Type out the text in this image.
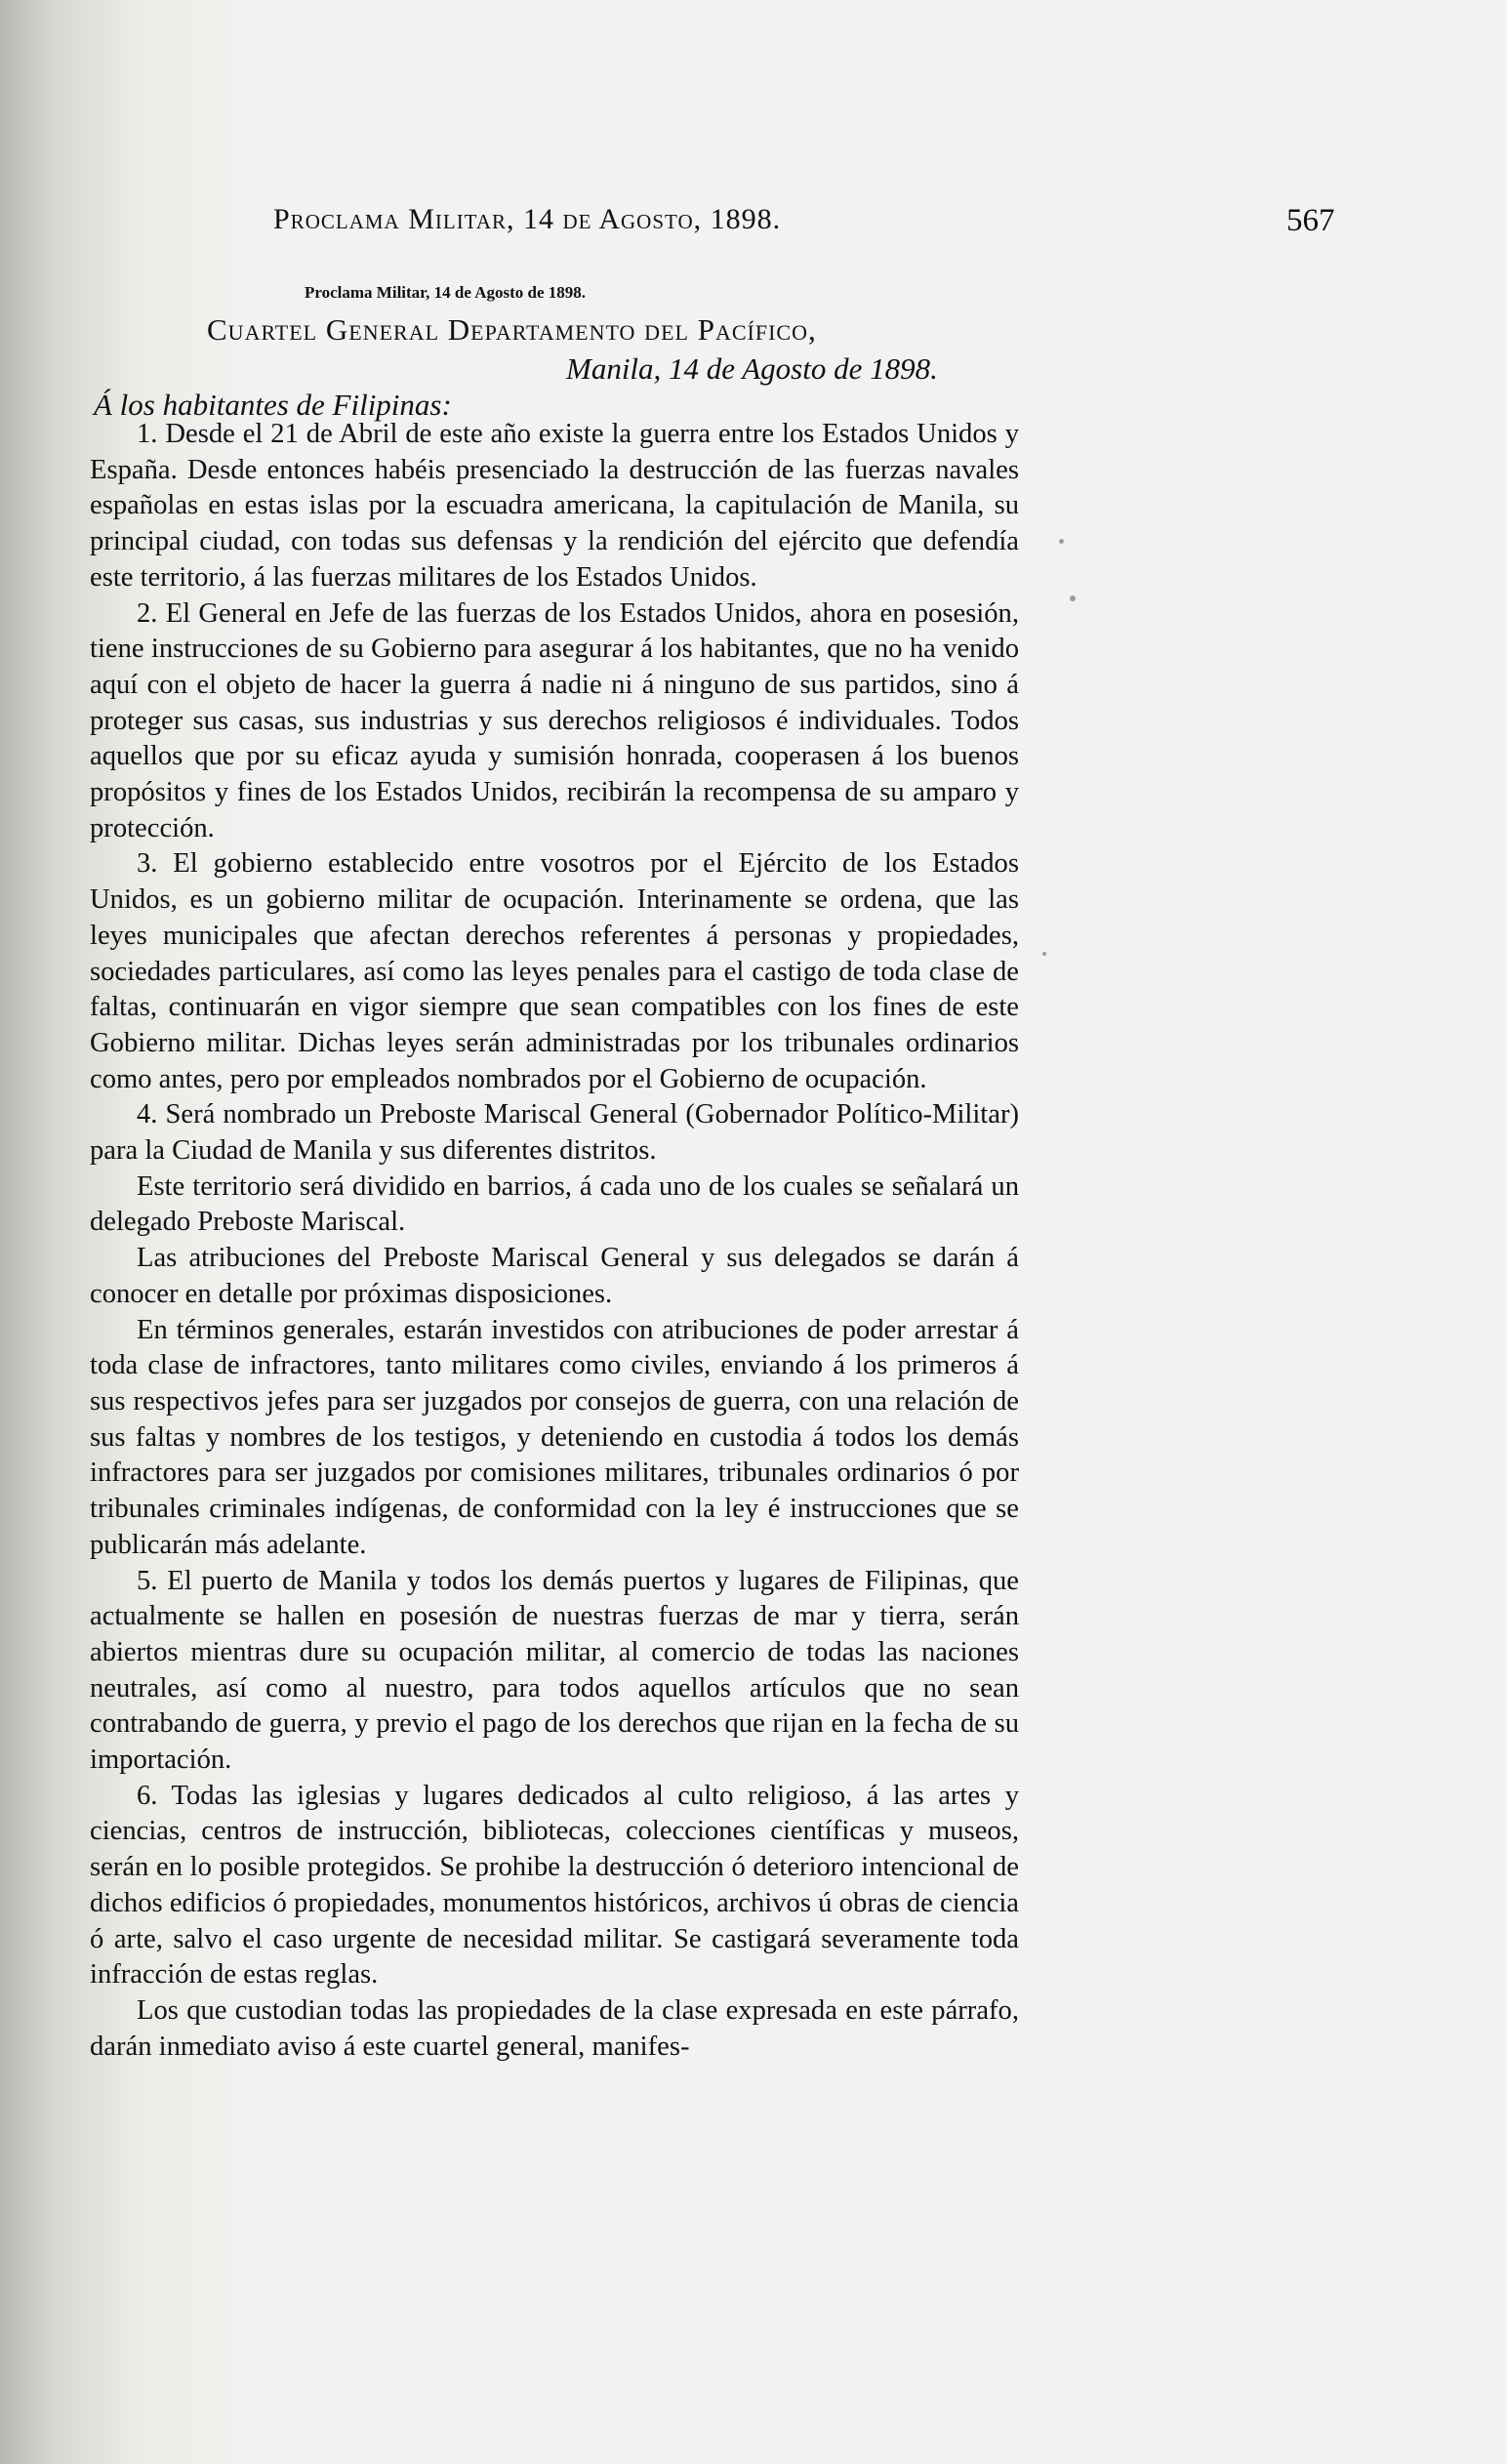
Proclama Militar, 14 de Agosto, 1898.	567
Proclama Militar, 14 de Agosto de 1898.
Cuartel General Departamento del Pacífico,
Manila, 14 de Agosto de 1898.
Á los habitantes de Filipinas:

1. Desde el 21 de Abril de este año existe la guerra entre los Estados Unidos y España. Desde entonces habéis presenciado la destrucción de las fuerzas navales españolas en estas islas por la escuadra americana, la capitulación de Manila, su principal ciudad, con todas sus defensas y la rendición del ejército que defendía este territorio, á las fuerzas militares de los Estados Unidos.

2. El General en Jefe de las fuerzas de los Estados Unidos, ahora en posesión, tiene instrucciones de su Gobierno para asegurar á los habitantes, que no ha venido aquí con el objeto de hacer la guerra á nadie ni á ninguno de sus partidos, sino á proteger sus casas, sus industrias y sus derechos religiosos é individuales. Todos aquellos que por su eficaz ayuda y sumisión honrada, cooperasen á los buenos propósitos y fines de los Estados Unidos, recibirán la recompensa de su amparo y protección.

3. El gobierno establecido entre vosotros por el Ejército de los Estados Unidos, es un gobierno militar de ocupación. Interinamente se ordena, que las leyes municipales que afectan derechos referentes á personas y propiedades, sociedades particulares, así como las leyes penales para el castigo de toda clase de faltas, continuarán en vigor siempre que sean compatibles con los fines de este Gobierno militar. Dichas leyes serán administradas por los tribunales ordinarios como antes, pero por empleados nombrados por el Gobierno de ocupación.

4. Será nombrado un Preboste Mariscal General (Gobernador Político-Militar) para la Ciudad de Manila y sus diferentes distritos.

Este territorio será dividido en barrios, á cada uno de los cuales se señalará un delegado Preboste Mariscal.

Las atribuciones del Preboste Mariscal General y sus delegados se darán á conocer en detalle por próximas disposiciones.

En términos generales, estarán investidos con atribuciones de poder arrestar á toda clase de infractores, tanto militares como civiles, enviando á los primeros á sus respectivos jefes para ser juzgados por consejos de guerra, con una relación de sus faltas y nombres de los testigos, y deteniendo en custodia á todos los demás infractores para ser juzgados por comisiones militares, tribunales ordinarios ó por tribunales criminales indígenas, de conformidad con la ley é instrucciones que se publicarán más adelante.

5. El puerto de Manila y todos los demás puertos y lugares de Filipinas, que actualmente se hallen en posesión de nuestras fuerzas de mar y tierra, serán abiertos mientras dure su ocupación militar, al comercio de todas las naciones neutrales, así como al nuestro, para todos aquellos artículos que no sean contrabando de guerra, y previo el pago de los derechos que rijan en la fecha de su importación.

6. Todas las iglesias y lugares dedicados al culto religioso, á las artes y ciencias, centros de instrucción, bibliotecas, colecciones científicas y museos, serán en lo posible protegidos. Se prohibe la destrucción ó deterioro intencional de dichos edificios ó propiedades, monumentos históricos, archivos ú obras de ciencia ó arte, salvo el caso urgente de necesidad militar. Se castigará severamente toda infracción de estas reglas.

Los que custodian todas las propiedades de la clase expresada en este párrafo, darán inmediato aviso á este cuartel general, manifes-
